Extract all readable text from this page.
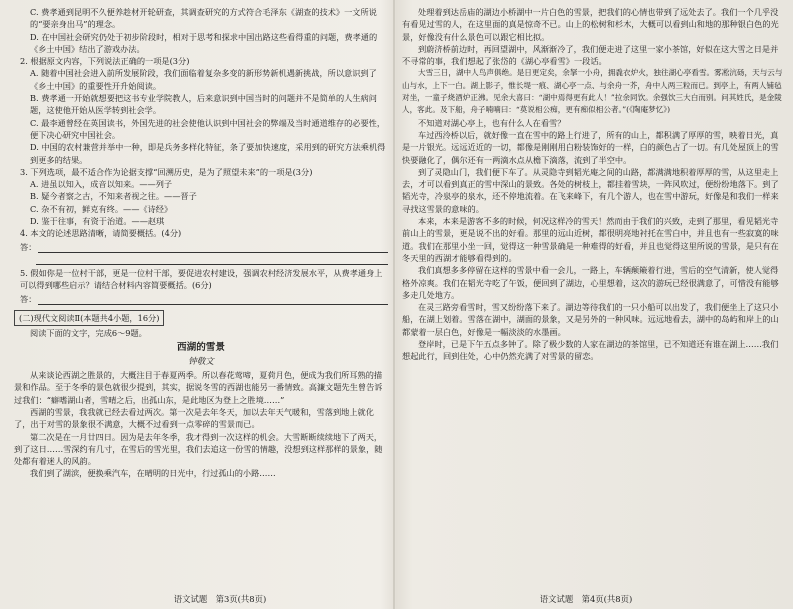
C. 费孝通到昆明不久便养趁材开轮研查，其调查研究的方式符合毛泽东《湖查的技术》一文所说的“要亲身出马”的理念。

D. 在中国社会研究仍处于初步阶段时，相对于思考和探求中国出路这些看得重的问题，费孝通的《乡土中国》结出了游戏办法。

2. 根据原文内容，下列说法正确的一项是(3分)

A. 随着中国社会进入前所发展阶段，我们面临着复杂多变的新形势新机遇新挑战，所以意识到了《乡土中国》的重要性开升始阅读。

B. 费孝通一开始就想要把这书专业学院教人，后来意识到中国当时的问题并不是简单的人生病问题，这使他开始从医学转到社会学。

C. 最李通曾经在英国读书，外国先进的社会使他认识到中国社会的弊端及当时通道维存的必要性，便下决心研究中国社会。

D. 中国的农村兼营并举中一种，即是兵务多样化特征，条了要加快速度，采用到的研究方法乘机得到更多的结果。

3. 下列选项，最不适合作为论据支撑“回溯历史，是为了照望未来”的一项是(3分)

A. 进虽以知入，成音以知来。——列子

B. 疑今者察之古，不知来者视之往。——晋子

C. 杂不有初，鲜克有终。——《诗经》

D. 鉴于往事，有资于治道。——赵琪

4. 本文的论述思路清晰，请简要概括。(4分)

答：

5. 假如你是一位村干部，更是一位村干部，要促进农村建设，强调农村经济发展水平，从费孝通身上可以得到哪些启示？请结合材料内容简要概括。(6分)

答：
(二)现代文阅读Ⅱ(本题共4小题，16分)

阅读下面的文字，完成6～9题。

西湖的雪景

钟敬文

从来谈论西湖之胜景的，大概注目于春夏两季。所以春花莺啼，夏荷月色，便成为我们所耳熟的描景和作品。至于冬季的景色就很少提到，其实，据说冬雪的西湖也能另一番情致。高濂文题先生曾告诉过我们：“癖嗜湖山者，雪晴之后，出孤山东，是此地区为登上之胜境……”

西湖的雪景，我我就已经去看过两次。第一次是去年冬天，加以去年天气暖和，雪落到地上就化了，出于对雪的景象很不满意，大概不过看到一点零碎的雪景而已。

第二次是在一月廿四日。因为是去年冬季，我才得到一次这样的机会。大雪断断续续地下了两天，到了这日……雪深约有几寸，在雪后的雪光里，我们去追这一份雪的情趣，没想到这样那样的景象，随处都有着迷人的风韵。

我们到了湖滨，便换乘汽车，在晴明的日光中，行过孤山的小路……

处理着到达岳庙的湖边小桥湖中一片白色的雪景，把我们的心情也带到了远处去了。我们一个几乎没有看见过雪的人，在这里面的真是惊奇不已。山上的松树和杉木，大概可以看到山和地的那种银白色的光景，好像没有什么景色可以跟它相比拟。

到蔚济桥前边时，再回望湖中，风渐渐冷了，我们便走进了这里一家小茶馆，好似在这大雪之日是并不寻常的事，我们想起了张岱的《湖心亭看雪》一段话。

大雪三日，湖中人鸟声俱绝。是日更定矣，余拏一小舟，拥毳衣炉火，独往湖心亭看雪。雾凇沆砀，天与云与山与水，上下一白。湖上影子，惟长堤一痕、湖心亭一点、与余舟一芥，舟中人两三粒而已。到亭上，有两人铺毡对坐，一童子烧酒炉正沸。见余大喜曰：“湖中焉得更有此人！”拉余同饮。余强饮三大白而别。问其姓氏，是金陵人，客此。及下船，舟子喃喃曰：“莫说相公痴，更有痴似相公者。”(《陶庵梦忆》)

不知道对湖心亭上，也有什么人在看雪？

车过西泠桥以后，就好像一直在雪中的路上行进了，所有的山上，都积满了厚厚的雪，映着日光，真是一片银光。远远近近的一切，都像是刚刚用白粉装饰好的一样，白的颜色占了一切。有几处屋顶上的雪快要融化了，偶尔还有一两滴水点从檐下滴落，流到了半空中。

到了灵隐山门，我们便下车了。从灵隐寺到韬光庵之间的山路，都满满地积着厚厚的雪，从这里走上去，才可以看到真正的雪中深山的景致。各处的树枝上，都挂着雪块，一阵风吹过，便纷纷地落下。到了韬光寺，冷泉亭的泉水，还不停地流着。在飞来峰下，有几个游人，也在雪中游玩，好像是和我们一样来寻找这雪景的意味的。

本来，本来是游客不多的时候，何况这样冷的雪天！然而由于我们的兴致，走到了那里，看见韬光寺前山上的雪景，更是说不出的好看。那里的远山近树，都很明亮地衬托在雪白中，并且也有一些寂寞的味道。我们在那里小坐一回，觉得这一种雪景确是一种难得的好看，并且也觉得这里所说的雪景，是只有在冬天里的西湖才能够看得到的。

我们真想多多停留在这样的雪景中看一会儿，一路上，车辆颠簸着行进，雪后的空气清新，使人觉得格外凉爽。我们在韬光寺吃了午饭，便回到了湖边，心里想着，这次的游玩已经很满意了，可惜没有能够多走几处地方。

在灵三路旁看雪时，雪又纷纷落下来了。湖边等待我们的一只小船可以出发了，我们便坐上了这只小船，在湖上划着。雪落在湖中，湖面的景象，又是另外的一种风味。远远地看去，湖中的岛屿和岸上的山都蒙着一层白色，好像是一幅淡淡的水墨画。

登岸时，已是下午五点多钟了。除了极少数的人家在湖边的茶馆里，已不知道还有谁在湖上……我们想起此行，回到住处，心中仍然充满了对雪景的留恋。

语文试题　第3页(共8页)	语文试题　第4页(共8页)
